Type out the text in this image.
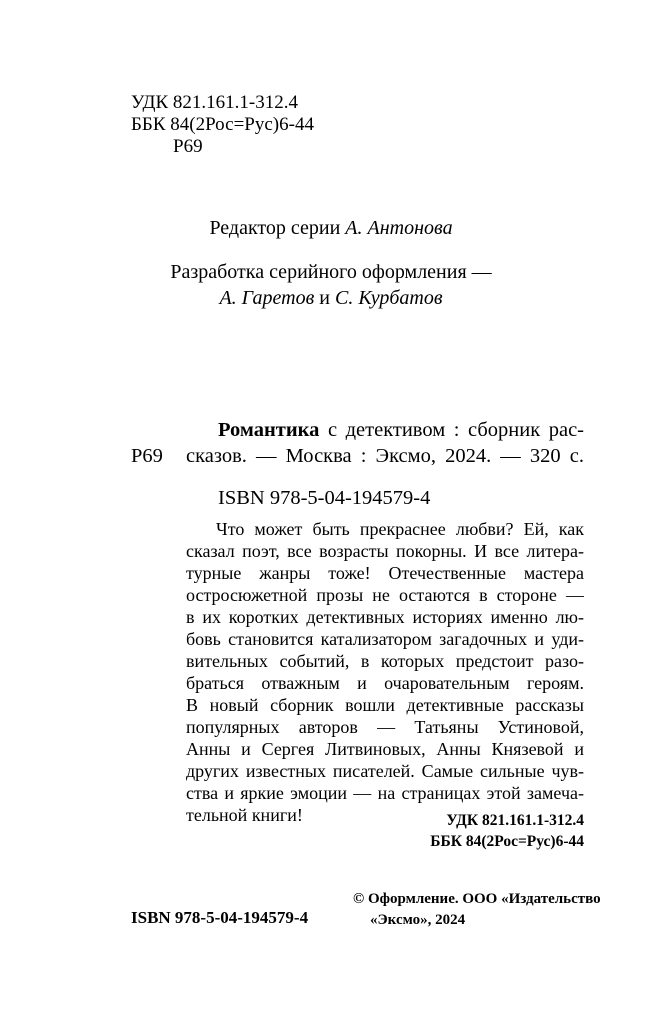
УДК 821.161.1-312.4
ББК 84(2Рос=Рус)6-44
Р69
Редактор серии А. Антонова
Разработка серийного оформления —
А. Гаретов и С. Курбатов
Р69
Романтика с детективом : сборник рас-
сказов. — Москва : Эксмо, 2024. — 320 с.
ISBN 978-5-04-194579-4
Что может быть прекраснее любви? Ей, как
сказал поэт, все возрасты покорны. И все литера-
турные жанры тоже! Отечественные мастера
остросюжетной прозы не остаются в стороне —
в их коротких детективных историях именно лю-
бовь становится катализатором загадочных и уди-
вительных событий, в которых предстоит разо-
браться отважным и очаровательным героям.
В новый сборник вошли детективные рассказы
популярных авторов — Татьяны Устиновой,
Анны и Сергея Литвиновых, Анны Князевой и
других известных писателей. Самые сильные чув-
ства и яркие эмоции — на страницах этой замеча-
тельной книги!	УДК 821.161.1-312.4
ББК 84(2Рос=Рус)6-44
© Оформление. ООО «Издательство
«Эксмо», 2024
ISBN 978-5-04-194579-4
